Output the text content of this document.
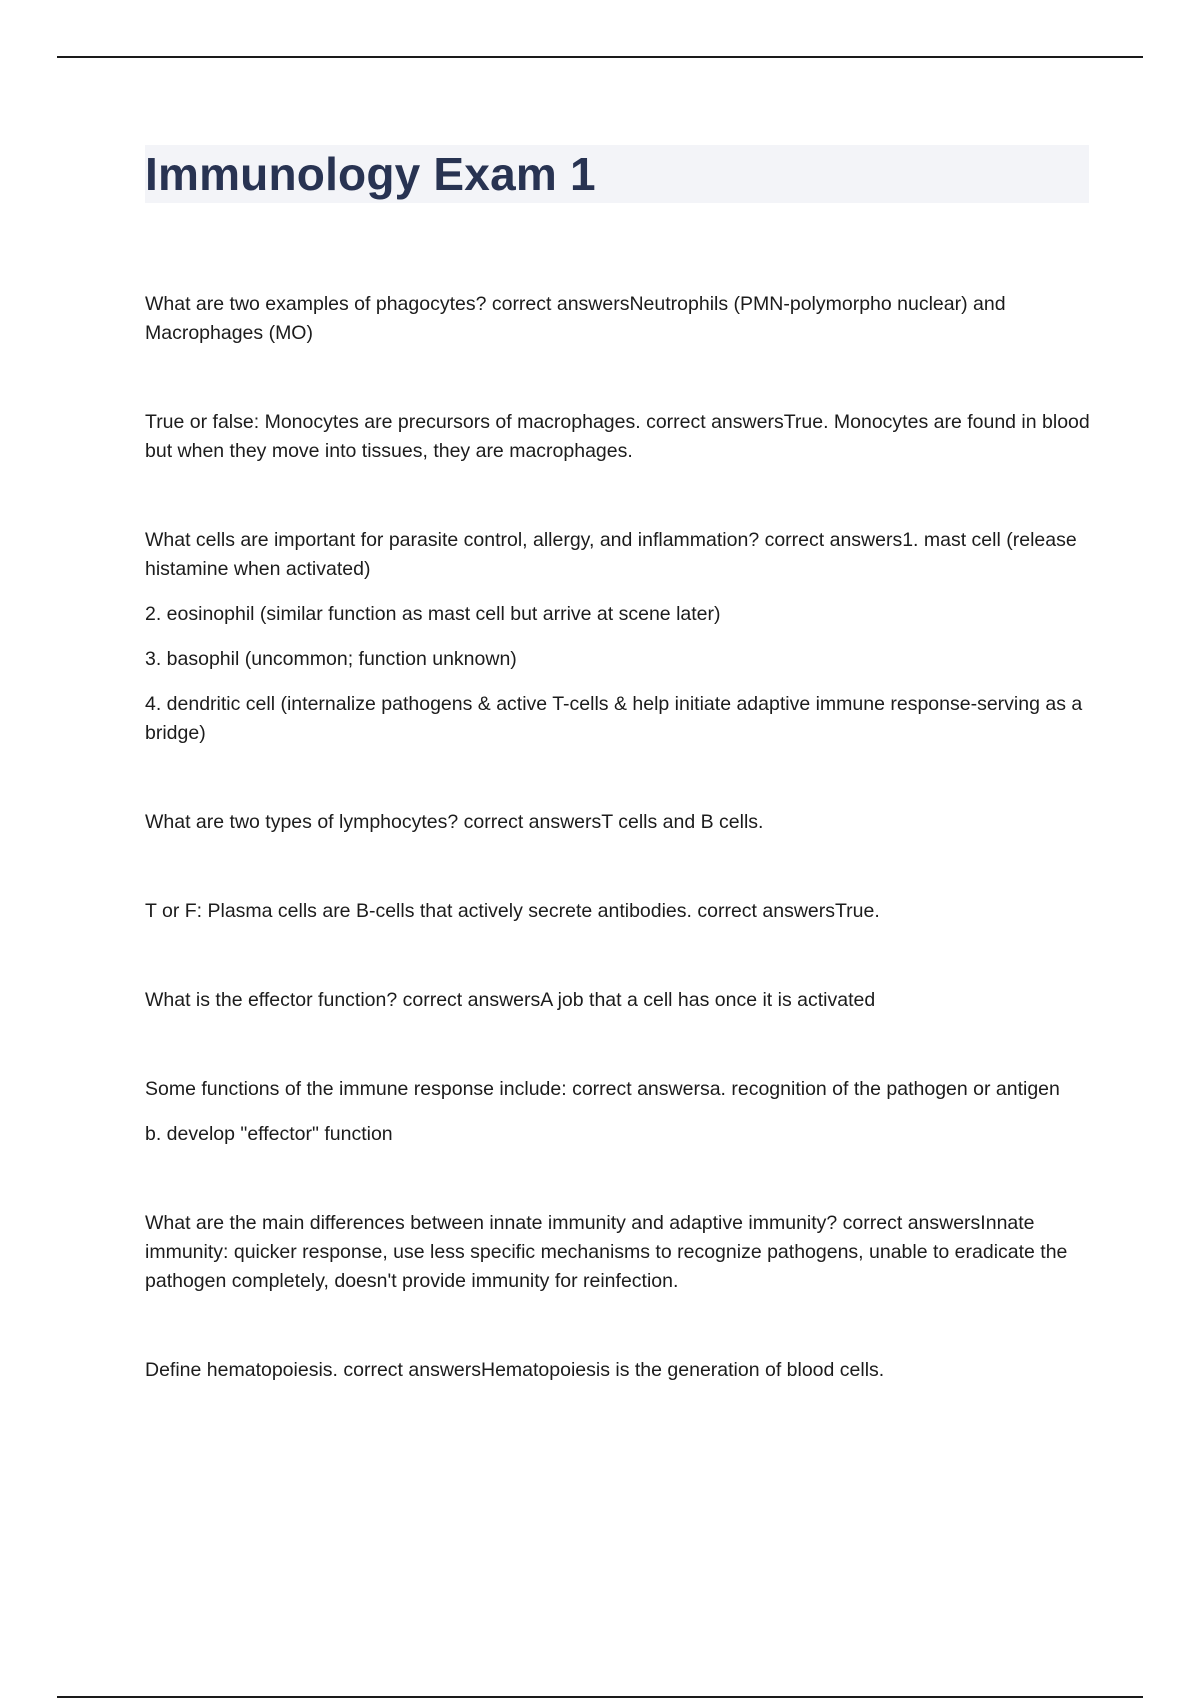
Immunology Exam 1

What are two examples of phagocytes? correct answersNeutrophils (PMN-polymorpho nuclear) and Macrophages (MO)

True or false: Monocytes are precursors of macrophages. correct answersTrue. Monocytes are found in blood but when they move into tissues, they are macrophages.

What cells are important for parasite control, allergy, and inflammation? correct answers1. mast cell (release histamine when activated)

2. eosinophil (similar function as mast cell but arrive at scene later)

3. basophil (uncommon; function unknown)

4. dendritic cell (internalize pathogens & active T-cells & help initiate adaptive immune response-serving as a bridge)

What are two types of lymphocytes? correct answersT cells and B cells.

T or F: Plasma cells are B-cells that actively secrete antibodies. correct answersTrue.

What is the effector function? correct answersA job that a cell has once it is activated

Some functions of the immune response include: correct answersa. recognition of the pathogen or antigen

b. develop "effector" function

What are the main differences between innate immunity and adaptive immunity? correct answersInnate immunity: quicker response, use less specific mechanisms to recognize pathogens, unable to eradicate the pathogen completely, doesn't provide immunity for reinfection.

Define hematopoiesis. correct answersHematopoiesis is the generation of blood cells.
